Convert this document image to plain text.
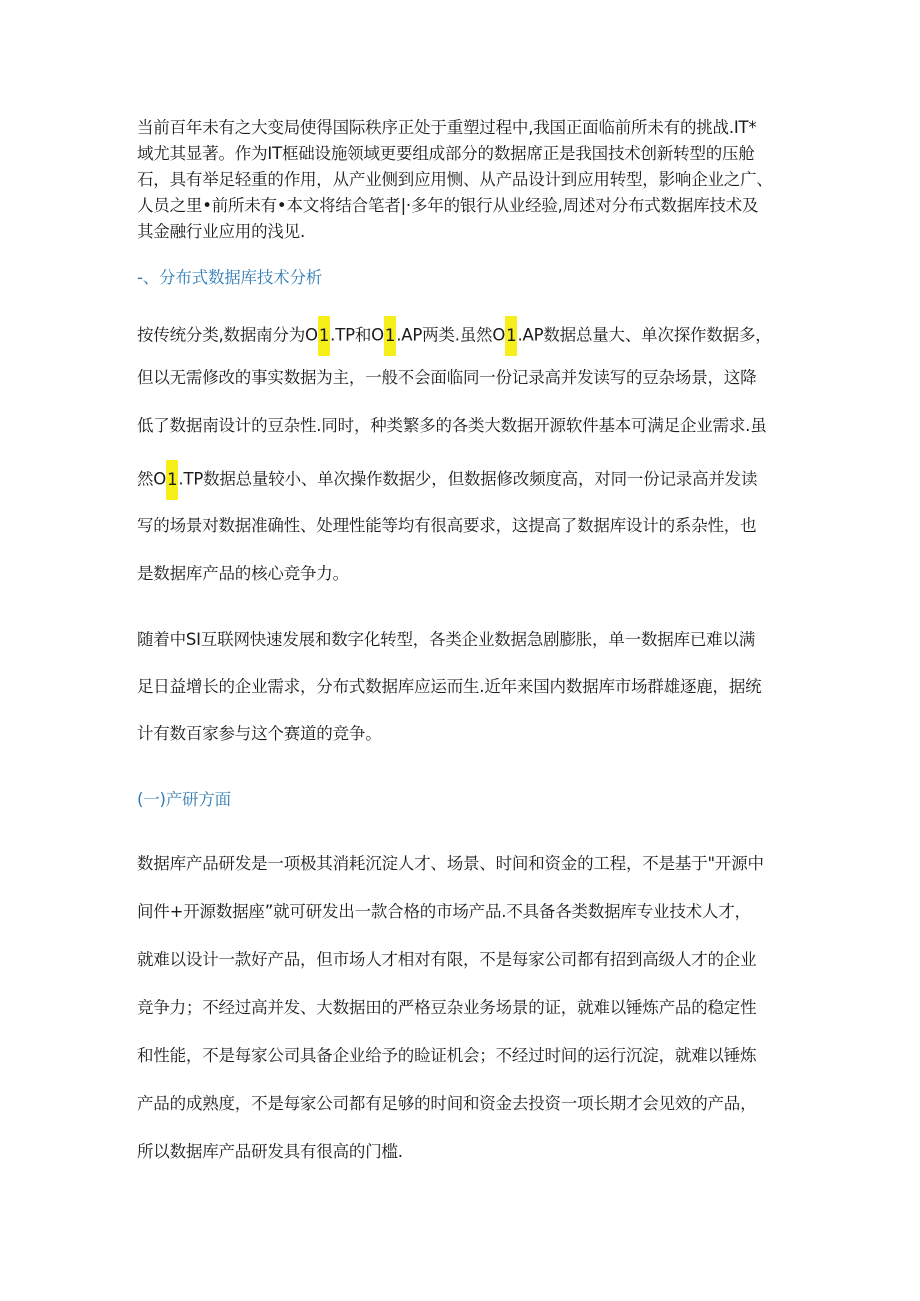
当前百年未有之大变局使得国际秩序正处于重塑过程中,我国正面临前所未有的挑战.IT*
域尤其显著。作为IT框础设施领域更要组成部分的数据席正是我国技术创新转型的压舱
石，具有举足轻重的作用，从产业侧到应用恻、从产品设计到应用转型，影响企业之广、
人员之里•前所未有•本文将结合笔者|·多年的银行从业经验,周述对分布式数据库技术及
其金融行业应用的浅见.
-、分布式数据库技术分析
按传统分类,数据南分为O1.TP和O1.AP两类.虽然O1.AP数据总量大、单次探作数据多，
但以无需修改的事实数据为主，一般不会面临同一份记录高并发读写的豆杂场景，这降
低了数据南设计的豆杂性.同时，种类繁多的各类大数据开源软件基本可满足企业需求.虽
然O1.TP数据总量较小、单次操作数据少，但数据修改频度高，对同一份记录高并发读
写的场景对数据准确性、处理性能等均有很高要求，这提高了数据库设计的系杂性，也
是数据库产品的核心竞争力。
随着中SI互联网快速发展和数字化转型，各类企业数据急剧膨胀，单一数据库已难以满
足日益增长的企业需求，分布式数据库应运而生.近年来国内数据库市场群雄逐鹿，据统
计有数百家参与这个赛道的竞争。
(一)产研方面
数据库产品研发是一项极其消耗沉淀人才、场景、时间和资金的工程，不是基于"开源中
间件+开源数据座”就可研发出一款合格的市场产品.不具备各类数据库专业技术人才，
就难以设计一款好产品，但市场人才相对有限，不是每家公司都有招到高级人才的企业
竞争力；不经过高并发、大数据田的严格豆杂业务场景的证，就难以锤炼产品的稳定性
和性能，不是每家公司具备企业给予的睑证机会；不经过时间的运行沉淀，就难以锤炼
产品的成熟度，不是每家公司都有足够的时间和资金去投资一项长期才会见效的产品，
所以数据库产品研发具有很高的门槛.
